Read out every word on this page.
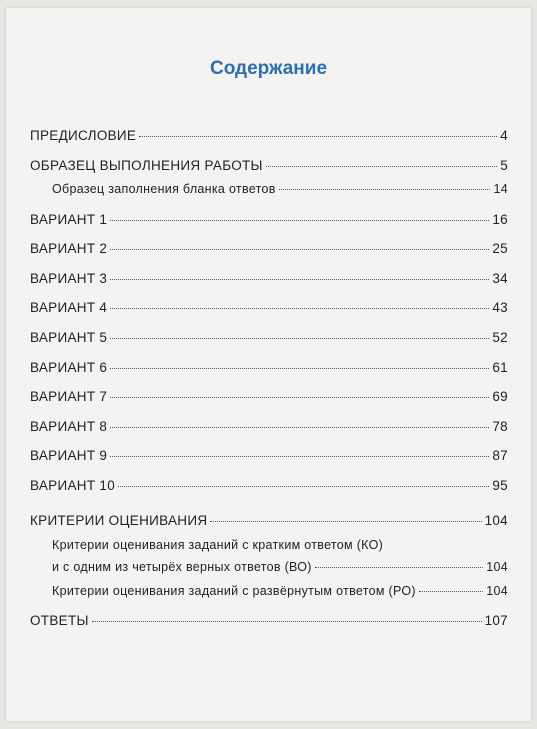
Содержание
ПРЕДИСЛОВИЕ	4
ОБРАЗЕЦ ВЫПОЛНЕНИЯ РАБОТЫ	5
Образец заполнения бланка ответов	14
ВАРИАНТ 1	16
ВАРИАНТ 2	25
ВАРИАНТ 3	34
ВАРИАНТ 4	43
ВАРИАНТ 5	52
ВАРИАНТ 6	61
ВАРИАНТ 7	69
ВАРИАНТ 8	78
ВАРИАНТ 9	87
ВАРИАНТ 10	95
КРИТЕРИИ ОЦЕНИВАНИЯ	104
Критерии оценивания заданий с кратким ответом (КО)
и с одним из четырёх верных ответов (ВО)	104
Критерии оценивания заданий с развёрнутым ответом (РО)	104
ОТВЕТЫ	107
